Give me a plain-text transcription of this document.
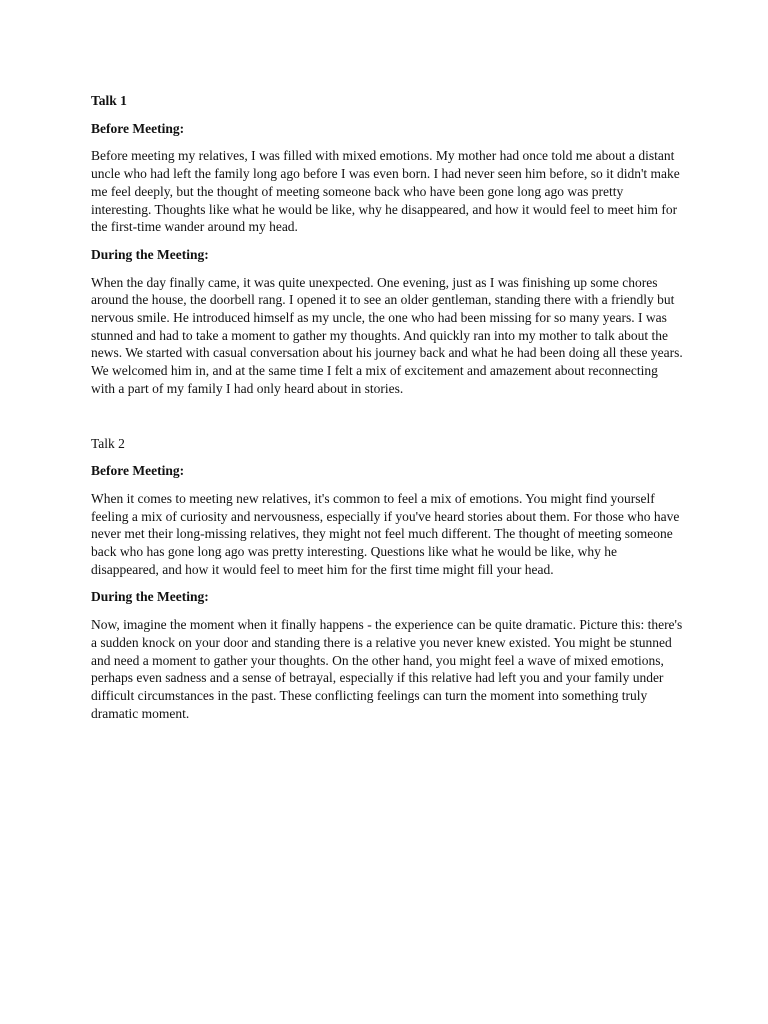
Talk 1

Before Meeting:

Before meeting my relatives, I was filled with mixed emotions. My mother had once told me about a distant uncle who had left the family long ago before I was even born. I had never seen him before, so it didn't make me feel deeply, but the thought of meeting someone back who have been gone long ago was pretty interesting. Thoughts like what he would be like, why he disappeared, and how it would feel to meet him for the first-time wander around my head.

During the Meeting:

When the day finally came, it was quite unexpected. One evening, just as I was finishing up some chores around the house, the doorbell rang. I opened it to see an older gentleman, standing there with a friendly but nervous smile. He introduced himself as my uncle, the one who had been missing for so many years. I was stunned and had to take a moment to gather my thoughts. And quickly ran into my mother to talk about the news. We started with casual conversation about his journey back and what he had been doing all these years. We welcomed him in, and at the same time I felt a mix of excitement and amazement about reconnecting with a part of my family I had only heard about in stories.

Talk 2

Before Meeting:

When it comes to meeting new relatives, it's common to feel a mix of emotions. You might find yourself feeling a mix of curiosity and nervousness, especially if you've heard stories about them. For those who have never met their long-missing relatives, they might not feel much different. The thought of meeting someone back who has gone long ago was pretty interesting. Questions like what he would be like, why he disappeared, and how it would feel to meet him for the first time might fill your head.

During the Meeting:

Now, imagine the moment when it finally happens - the experience can be quite dramatic. Picture this: there's a sudden knock on your door and standing there is a relative you never knew existed. You might be stunned and need a moment to gather your thoughts. On the other hand, you might feel a wave of mixed emotions, perhaps even sadness and a sense of betrayal, especially if this relative had left you and your family under difficult circumstances in the past. These conflicting feelings can turn the moment into something truly dramatic moment.
